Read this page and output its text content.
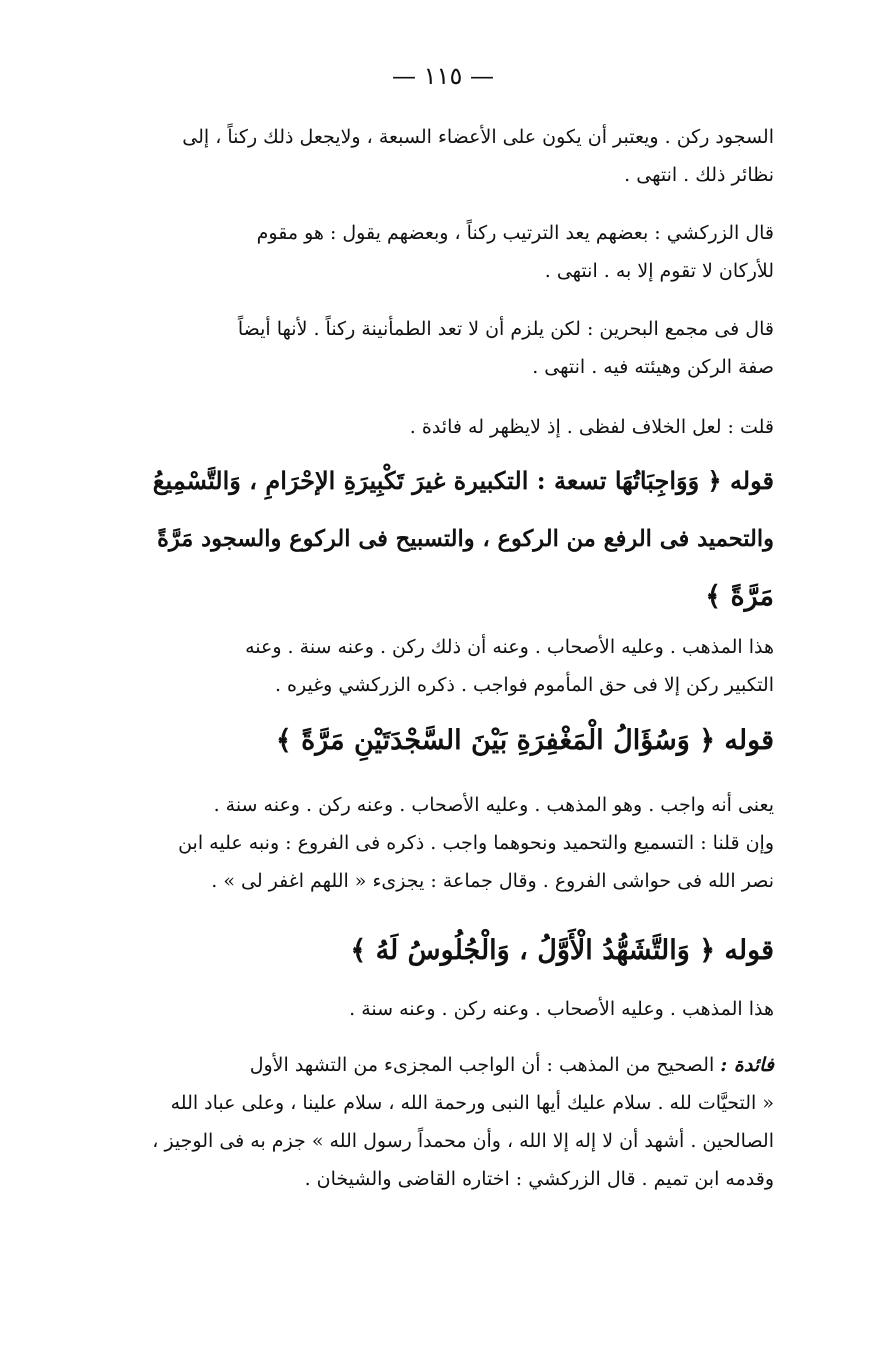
— ١١٥ —
السجود ركن . ويعتبر أن يكون على الأعضاء السبعة ، ولايجعل ذلك ركناً ، إلى
نظائر ذلك . انتهى .
قال الزركشي : بعضهم يعد الترتيب ركناً ، وبعضهم يقول : هو مقوم
للأركان لا تقوم إلا به . انتهى .
قال فى مجمع البحرين : لكن يلزم أن لا تعد الطمأنينة ركناً . لأنها أيضاً
صفة الركن وهيئته فيه . انتهى .
قلت : لعل الخلاف لفظى . إذ لايظهر له فائدة .
قوله ﴿ وَوَاجِبَاتُهَا تسعة : التكبيرة غيرَ تَكْبِيرَةِ الإحْرَامِ ، وَالتَّسْمِيعُ
والتحميد فى الرفع من الركوع ، والتسبيح فى الركوع والسجود مَرَّةً
مَرَّةً ﴾
هذا المذهب . وعليه الأصحاب . وعنه أن ذلك ركن . وعنه سنة . وعنه
التكبير ركن إلا فى حق المأموم فواجب . ذكره الزركشي وغيره .
قوله ﴿ وَسُؤَالُ الْمَغْفِرَةِ بَيْنَ السَّجْدَتَيْنِ مَرَّةً ﴾
يعنى أنه واجب . وهو المذهب . وعليه الأصحاب . وعنه ركن . وعنه سنة .
وإن قلنا : التسميع والتحميد ونحوهما واجب . ذكره فى الفروع : ونبه عليه ابن
نصر الله فى حواشى الفروع . وقال جماعة : يجزىء « اللهم اغفر لى » .
قوله ﴿ وَالتَّشَهُّدُ الْأَوَّلُ ، وَالْجُلُوسُ لَهُ ﴾
هذا المذهب . وعليه الأصحاب . وعنه ركن . وعنه سنة .
فائدة : الصحيح من المذهب : أن الواجب المجزىء من التشهد الأول
« التحيَّات لله . سلام عليك أيها النبى ورحمة الله ، سلام علينا ، وعلى عباد الله
الصالحين . أشهد أن لا إله إلا الله ، وأن محمداً رسول الله » جزم به فى الوجيز ،
وقدمه ابن تميم . قال الزركشي : اختاره القاضى والشيخان .
